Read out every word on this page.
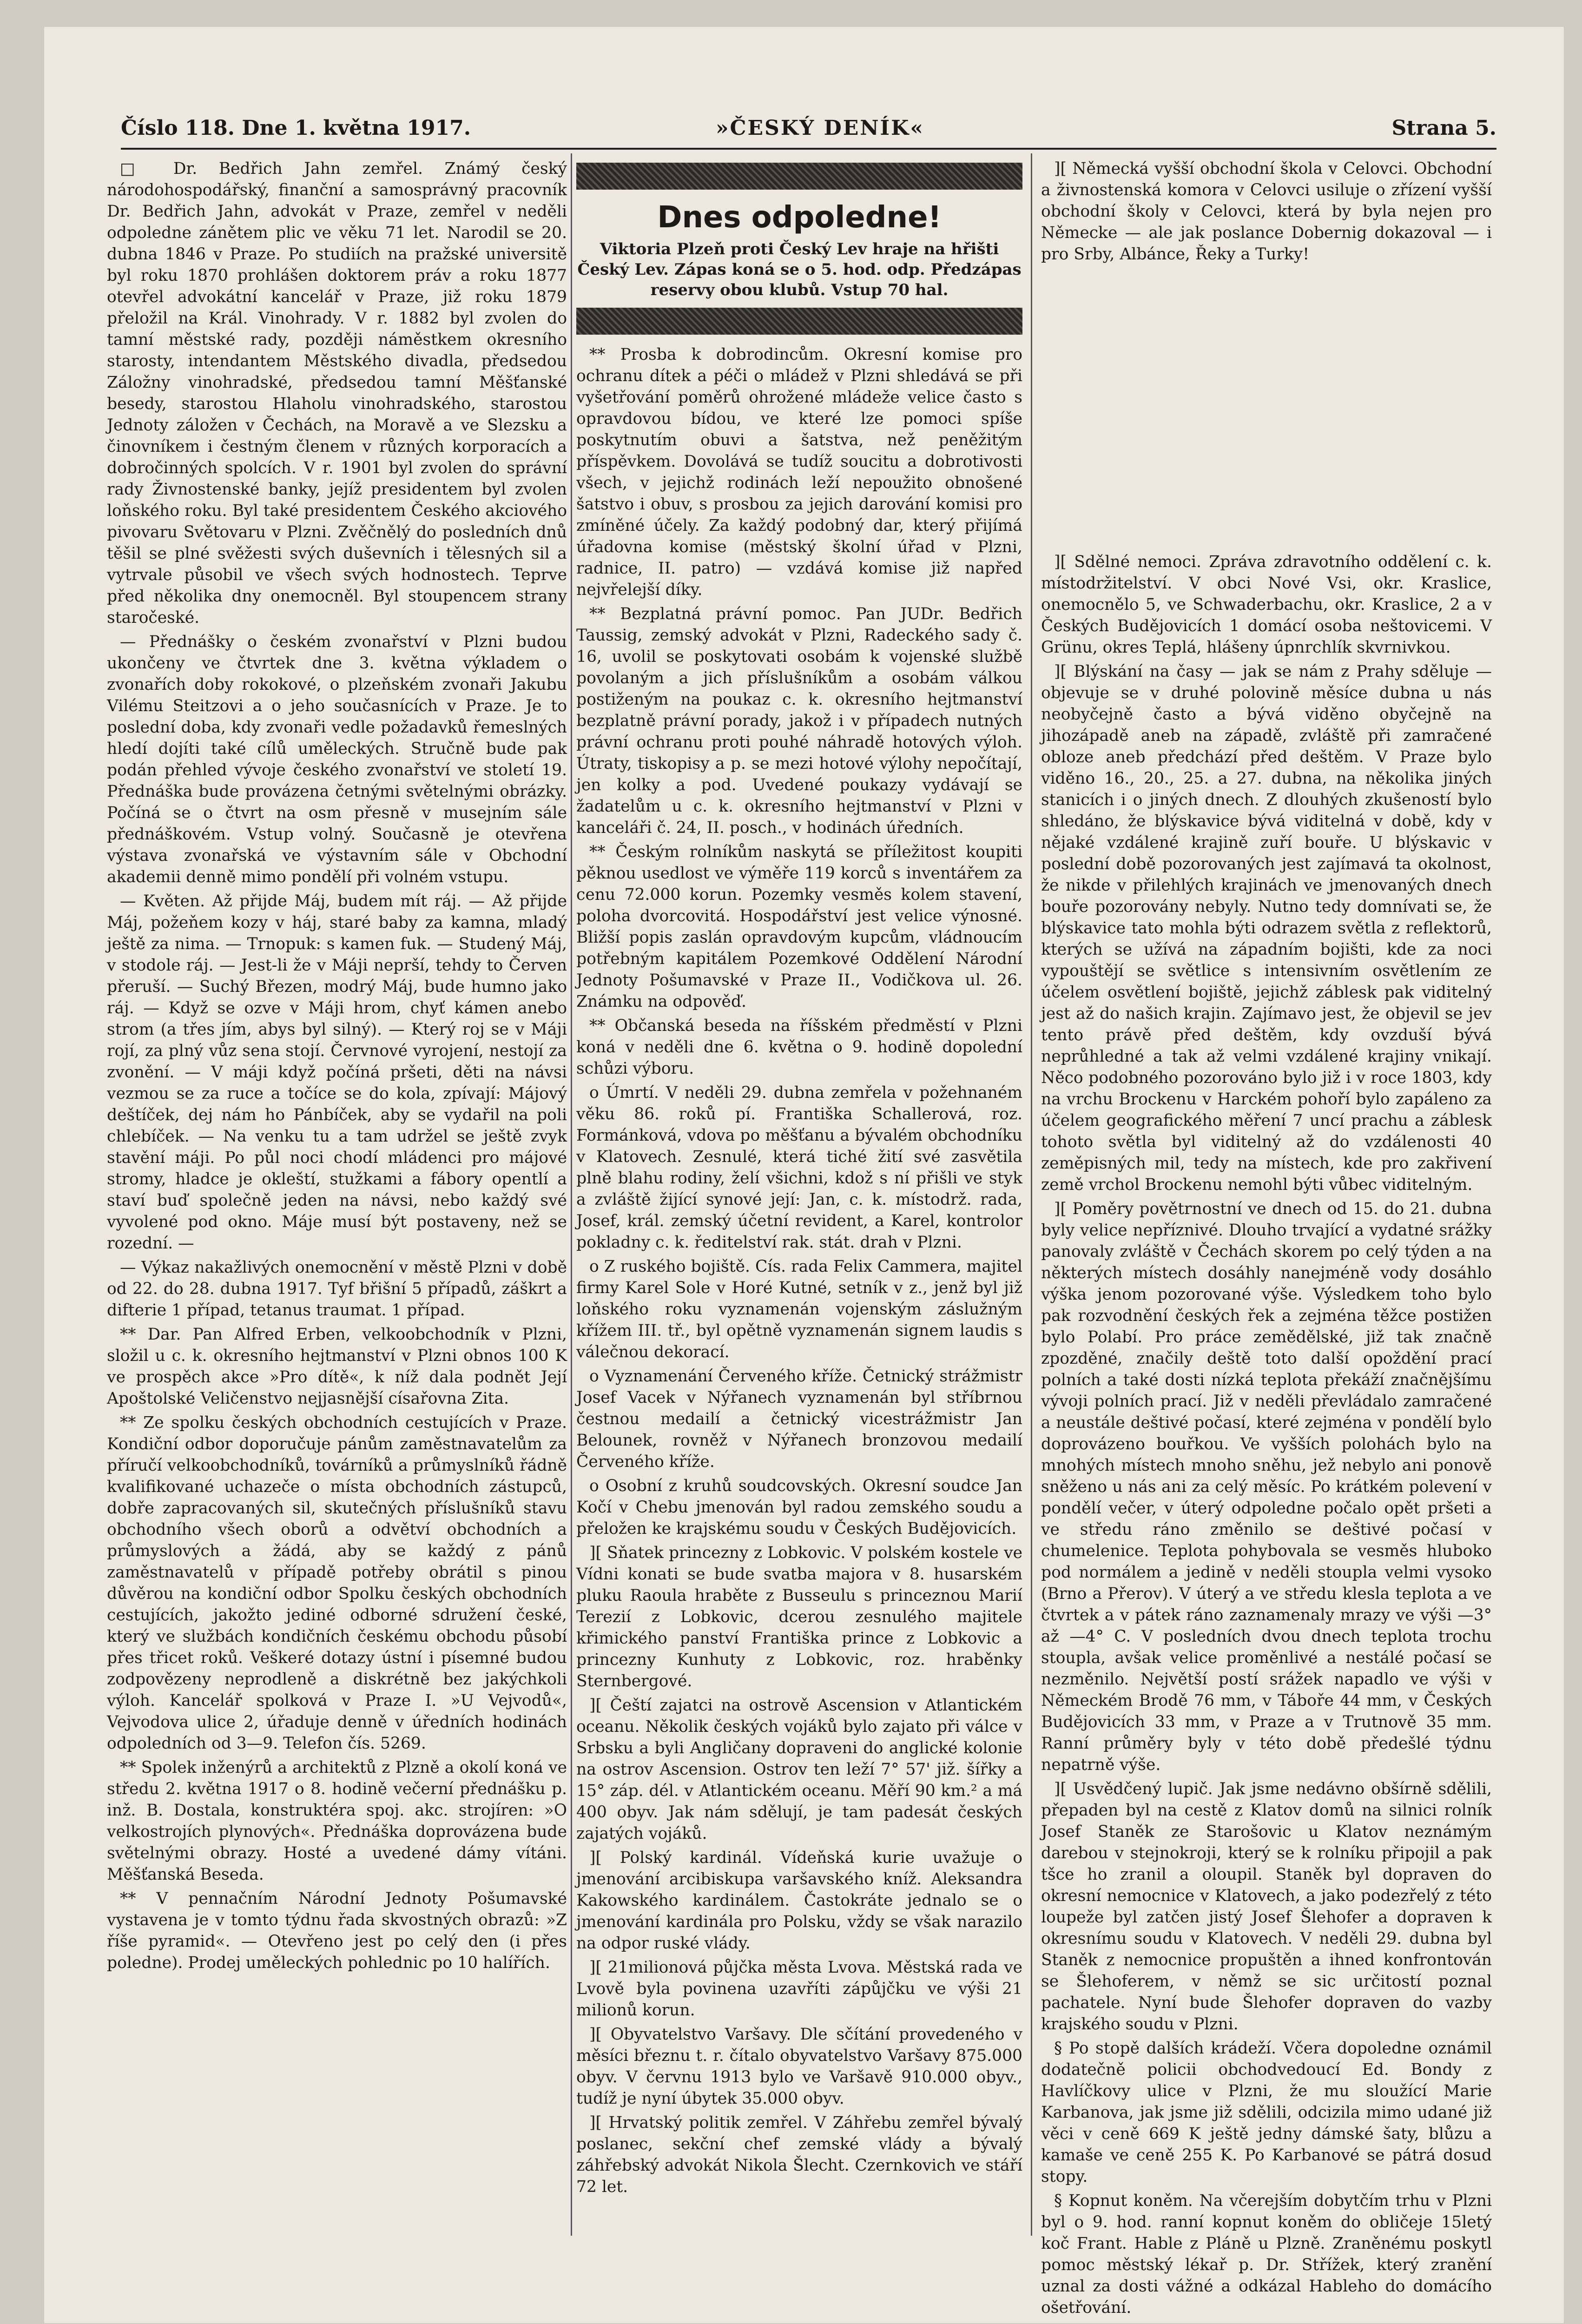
Číslo 118. Dne 1. května 1917.	»ČESKÝ DENÍK«	Strana 5.

□ Dr. Bedřich Jahn zemřel. Známý český národohospodářský, finanční a samosprávný pracovník Dr. Bedřich Jahn, advokát v Praze, zemřel v neděli odpoledne zánětem plic ve věku 71 let. Narodil se 20. dubna 1846 v Praze. Po studiích na pražské universitě byl roku 1870 prohlášen doktorem práv a roku 1877 otevřel advokátní kancelář v Praze, již roku 1879 přeložil na Král. Vinohrady. V r. 1882 byl zvolen do tamní městské rady, později náměstkem okresního starosty, intendantem Městského divadla, předsedou Záložny vinohradské, předsedou tamní Měšťanské besedy, starostou Hlaholu vinohradského, starostou Jednoty záložen v Čechách, na Moravě a ve Slezsku a činovníkem i čestným členem v různých korporacích a dobročinných spolcích. V r. 1901 byl zvolen do správní rady Živnostenské banky, jejíž presidentem byl zvolen loňského roku. Byl také presidentem Českého akciového pivovaru Světovaru v Plzni. Zvěčnělý do posledních dnů těšil se plné svěžesti svých duševních i tělesných sil a vytrvale působil ve všech svých hodnostech. Teprve před několika dny onemocněl. Byl stoupencem strany staročeské.

— Přednášky o českém zvonařství v Plzni budou ukončeny ve čtvrtek dne 3. května výkladem o zvonařích doby rokokové, o plzeňském zvonaři Jakubu Vilému Steitzovi a o jeho současnících v Praze. Je to poslední doba, kdy zvonaři vedle požadavků řemeslných hledí dojíti také cílů uměleckých. Stručně bude pak podán přehled vývoje českého zvonařství ve století 19. Přednáška bude provázena četnými světelnými obrázky. Počíná se o čtvrt na osm přesně v musejním sále přednáškovém. Vstup volný. Současně je otevřena výstava zvonařská ve výstavním sále v Obchodní akademii denně mimo pondělí při volném vstupu.

— Květen. Až přijde Máj, budem mít ráj. — Až přijde Máj, požeňem kozy v háj, staré baby za kamna, mladý ještě za nima. — Trnopuk: s kamen fuk. — Studený Máj, v stodole ráj. — Jest-li že v Máji neprší, tehdy to Červen přeruší. — Suchý Březen, modrý Máj, bude humno jako ráj. — Když se ozve v Máji hrom, chyť kámen anebo strom (a třes jím, abys byl silný). — Který roj se v Máji rojí, za plný vůz sena stojí. Červnové vyrojení, nestojí za zvonění. — V máji když počíná pršeti, děti na návsi vezmou se za ruce a točíce se do kola, zpívají: Májový deštíček, dej nám ho Pánbíček, aby se vydařil na poli chlebíček. — Na venku tu a tam udržel se ještě zvyk stavění máji. Po půl noci chodí mládenci pro májové stromy, hladce je okleští, stužkami a fábory opentlí a staví buď společně jeden na návsi, nebo každý své vyvolené pod okno. Máje musí být postaveny, než se rozední. —

— Výkaz nakažlivých onemocnění v městě Plzni v době od 22. do 28. dubna 1917. Tyf břišní 5 případů, záškrt a difterie 1 případ, tetanus traumat. 1 případ.

** Dar. Pan Alfred Erben, velkoobchodník v Plzni, složil u c. k. okresního hejtmanství v Plzni obnos 100 K ve prospěch akce »Pro dítě«, k níž dala podnět Její Apoštolské Veličenstvo nejjasnější císařovna Zita.

** Ze spolku českých obchodních cestujících v Praze. Kondiční odbor doporučuje pánům zaměstnavatelům za příručí velkoobchodníků, továrníků a průmyslníků řádně kvalifikované uchazeče o místa obchodních zástupců, dobře zapracovaných sil, skutečných příslušníků stavu obchodního všech oborů a odvětví obchodních a průmyslových a žádá, aby se každý z pánů zaměstnavatelů v případě potřeby obrátil s pinou důvěrou na kondiční odbor Spolku českých obchodních cestujících, jakožto jediné odborné sdružení české, který ve službách kondičních českému obchodu působí přes třicet roků. Veškeré dotazy ústní i písemné budou zodpovězeny neprodleně a diskrétně bez jakýchkoli výloh. Kancelář spolková v Praze I. »U Vejvodů«, Vejvodova ulice 2, úřaduje denně v úředních hodinách odpoledních od 3—9. Telefon čís. 5269.

** Spolek inženýrů a architektů z Plzně a okolí koná ve středu 2. května 1917 o 8. hodině večerní přednášku p. inž. B. Dostala, konstruktéra spoj. akc. strojíren: »O velkostrojích plynových«. Přednáška doprovázena bude světelnými obrazy. Hosté a uvedené dámy vítáni. Měšťanská Beseda.

** V pennačním Národní Jednoty Pošumavské vystavena je v tomto týdnu řada skvostných obrazů: »Z říše pyramid«. — Otevřeno jest po celý den (i přes poledne). Prodej uměleckých pohlednic po 10 halířích.

Dnes odpoledne!
Viktoria Plzeň proti Český Lev hraje na hřišti Český Lev. Zápas koná se o 5. hod. odp. Předzápas reservy obou klubů. Vstup 70 hal.

** Prosba k dobrodincům. Okresní komise pro ochranu dítek a péči o mládež v Plzni shledává se při vyšetřování poměrů ohrožené mládeže velice často s opravdovou bídou, ve které lze pomoci spíše poskytnutím obuvi a šatstva, než peněžitým příspěvkem. Dovolává se tudíž soucitu a dobrotivosti všech, v jejichž rodinách leží nepoužito obnošené šatstvo i obuv, s prosbou za jejich darování komisi pro zmíněné účely. Za každý podobný dar, který přijímá úřadovna komise (městský školní úřad v Plzni, radnice, II. patro) — vzdává komise již napřed nejvřelejší díky.

** Bezplatná právní pomoc. Pan JUDr. Bedřich Taussig, zemský advokát v Plzni, Radeckého sady č. 16, uvolil se poskytovati osobám k vojenské službě povolaným a jich příslušníkům a osobám válkou postiženým na poukaz c. k. okresního hejtmanství bezplatně právní porady, jakož i v případech nutných právní ochranu proti pouhé náhradě hotových výloh. Útraty, tiskopisy a p. se mezi hotové výlohy nepočítají, jen kolky a pod. Uvedené poukazy vydávají se žadatelům u c. k. okresního hejtmanství v Plzni v kanceláři č. 24, II. posch., v hodinách úředních.

** Českým rolníkům naskytá se příležitost koupiti pěknou usedlost ve výměře 119 korců s inventářem za cenu 72.000 korun. Pozemky vesměs kolem stavení, poloha dvorcovitá. Hospodářství jest velice výnosné. Bližší popis zaslán opravdovým kupcům, vládnoucím potřebným kapitálem Pozemkové Oddělení Národní Jednoty Pošumavské v Praze II., Vodičkova ul. 26. Známku na odpověď.

** Občanská beseda na říšském předměstí v Plzni koná v neděli dne 6. května o 9. hodině dopolední schůzi výboru.

o Úmrtí. V neděli 29. dubna zemřela v požehnaném věku 86. roků pí. Františka Schallerová, roz. Formánková, vdova po měšťanu a bývalém obchodníku v Klatovech. Zesnulé, která tiché žití své zasvětila plně blahu rodiny, želí všichni, kdož s ní přišli ve styk a zvláště žijící synové její: Jan, c. k. místodrž. rada, Josef, král. zemský účetní revident, a Karel, kontrolor pokladny c. k. ředitelství rak. stát. drah v Plzni.

o Z ruského bojiště. Cís. rada Felix Cammera, majitel firmy Karel Sole v Horé Kutné, setník v z., jenž byl již loňského roku vyznamenán vojenským záslužným křížem III. tř., byl opětně vyznamenán signem laudis s válečnou dekorací.

o Vyznamenání Červeného kříže. Četnický strážmistr Josef Vacek v Nýřanech vyznamenán byl stříbrnou čestnou medailí a četnický vicestrážmistr Jan Belounek, rovněž v Nýřanech bronzovou medailí Červeného kříže.

o Osobní z kruhů soudcovských. Okresní soudce Jan Kočí v Chebu jmenován byl radou zemského soudu a přeložen ke krajskému soudu v Českých Budějovicích.

][ Sňatek princezny z Lobkovic. V polském kostele ve Vídni konati se bude svatba majora v 8. husarském pluku Raoula hraběte z Busseulu s princeznou Marií Terezií z Lobkovic, dcerou zesnulého majitele křimického panství Františka prince z Lobkovic a princezny Kunhuty z Lobkovic, roz. hraběnky Sternbergové.

][ Čeští zajatci na ostrově Ascension v Atlantickém oceanu. Několik českých vojáků bylo zajato při válce v Srbsku a byli Angličany dopraveni do anglické kolonie na ostrov Ascension. Ostrov ten leží 7° 57' již. šířky a 15° záp. dél. v Atlantickém oceanu. Měří 90 km.² a má 400 obyv. Jak nám sdělují, je tam padesát českých zajatých vojáků.

][ Polský kardinál. Vídeňská kurie uvažuje o jmenování arcibiskupa varšavského kníž. Aleksandra Kakowského kardinálem. Častokráte jednalo se o jmenování kardinála pro Polsku, vždy se však narazilo na odpor ruské vlády.

][ 21milionová půjčka města Lvova. Městská rada ve Lvově byla povinena uzavříti zápůjčku ve výši 21 milionů korun.

][ Obyvatelstvo Varšavy. Dle sčítání provedeného v měsíci březnu t. r. čítalo obyvatelstvo Varšavy 875.000 obyv. V červnu 1913 bylo ve Varšavě 910.000 obyv., tudíž je nyní úbytek 35.000 obyv.

][ Hrvatský politik zemřel. V Záhřebu zemřel bývalý poslanec, sekční chef zemské vlády a bývalý záhřebský advokát Nikola Šlecht. Czernkovich ve stáří 72 let.

][ Německá vyšší obchodní škola v Celovci. Obchodní a živnostenská komora v Celovci usiluje o zřízení vyšší obchodní školy v Celovci, která by byla nejen pro Německe — ale jak poslance Dobernig dokazoval — i pro Srby, Albánce, Řeky a Turky!

][ Sdělné nemoci. Zpráva zdravotního oddělení c. k. místodržitelství. V obci Nové Vsi, okr. Kraslice, onemocnělo 5, ve Schwaderbachu, okr. Kraslice, 2 a v Českých Budějovicích 1 domácí osoba neštovicemi. V Grünu, okres Teplá, hlášeny úpnrchlík skvrnivkou.

][ Blýskání na časy — jak se nám z Prahy sděluje — objevuje se v druhé polovině měsíce dubna u nás neobyčejně často a bývá viděno obyčejně na jihozápadě aneb na západě, zvláště při zamračené obloze aneb předchází před deštěm. V Praze bylo viděno 16., 20., 25. a 27. dubna, na několika jiných stanicích i o jiných dnech. Z dlouhých zkušeností bylo shledáno, že blýskavice bývá viditelná v době, kdy v nějaké vzdálené krajině zuří bouře. U blýskavic v poslední době pozorovaných jest zajímavá ta okolnost, že nikde v přilehlých krajinách ve jmenovaných dnech bouře pozorovány nebyly. Nutno tedy domnívati se, že blýskavice tato mohla býti odrazem světla z reflektorů, kterých se užívá na západním bojišti, kde za noci vypouštějí se světlice s intensivním osvětlením ze účelem osvětlení bojiště, jejichž záblesk pak viditelný jest až do našich krajin. Zajímavo jest, že objevil se jev tento právě před deštěm, kdy ovzduší bývá neprůhledné a tak až velmi vzdálené krajiny vnikají. Něco podobného pozorováno bylo již i v roce 1803, kdy na vrchu Brockenu v Harckém pohoří bylo zapáleno za účelem geografického měření 7 uncí prachu a záblesk tohoto světla byl viditelný až do vzdálenosti 40 zeměpisných mil, tedy na místech, kde pro zakřivení země vrchol Brockenu nemohl býti vůbec viditelným.

][ Poměry povětrnostní ve dnech od 15. do 21. dubna byly velice nepříznivé. Dlouho trvající a vydatné srážky panovaly zvláště v Čechách skorem po celý týden a na některých místech dosáhly nanejméně vody dosáhlo výška jenom pozorované výše. Výsledkem toho bylo pak rozvodnění českých řek a zejména těžce postižen bylo Polabí. Pro práce zemědělské, již tak značně zpozděné, značily deště toto další opoždění prací polních a také dosti nízká teplota překáží značnějšímu vývoji polních prací. Již v neděli převládalo zamračené a neustále deštivé počasí, které zejména v pondělí bylo doprovázeno bouřkou. Ve vyšších polohách bylo na mnohých místech mnoho sněhu, jež nebylo ani ponově sněženo u nás ani za celý měsíc. Po krátkém polevení v pondělí večer, v úterý odpoledne počalo opět pršeti a ve středu ráno změnilo se deštivé počasí v chumelenice. Teplota pohybovala se vesměs hluboko pod normálem a jedině v neděli stoupla velmi vysoko (Brno a Přerov). V úterý a ve středu klesla teplota a ve čtvrtek a v pátek ráno zaznamenaly mrazy ve výši —3° až —4° C. V posledních dvou dnech teplota trochu stoupla, avšak velice proměnlivé a nestálé počasí se nezměnilo. Největší postí srážek napadlo ve výši v Německém Brodě 76 mm, v Táboře 44 mm, v Českých Budějovicích 33 mm, v Praze a v Trutnově 35 mm. Ranní průměry byly v této době předešlé týdnu nepatrně výše.

][ Usvědčený lupič. Jak jsme nedávno obšírně sdělili, přepaden byl na cestě z Klatov domů na silnici rolník Josef Staněk ze Starošovic u Klatov neznámým darebou v stejnokroji, který se k rolníku připojil a pak tšce ho zranil a oloupil. Staněk byl dopraven do okresní nemocnice v Klatovech, a jako podezřelý z této loupeže byl zatčen jistý Josef Šlehofer a dopraven k okresnímu soudu v Klatovech. V neděli 29. dubna byl Staněk z nemocnice propuštěn a ihned konfrontován se Šlehoferem, v němž se sic určitostí poznal pachatele. Nyní bude Šlehofer dopraven do vazby krajského soudu v Plzni.

§ Po stopě dalších krádeží. Včera dopoledne oznámil dodatečně policii obchodvedoucí Ed. Bondy z Havlíčkovy ulice v Plzni, že mu sloužící Marie Karbanova, jak jsme již sdělili, odcizila mimo udané již věci v ceně 669 K ještě jedny dámské šaty, blůzu a kamaše ve ceně 255 K. Po Karbanové se pátrá dosud stopy.

§ Kopnut koněm. Na včerejším dobytčím trhu v Plzni byl o 9. hod. ranní kopnut koněm do obličeje 15letý koč Frant. Hable z Pláně u Plzně. Zraněnému poskytl pomoc městský lékař p. Dr. Střížek, který zranění uznal za dosti vážné a odkázal Hableho do domácího ošetřování.
